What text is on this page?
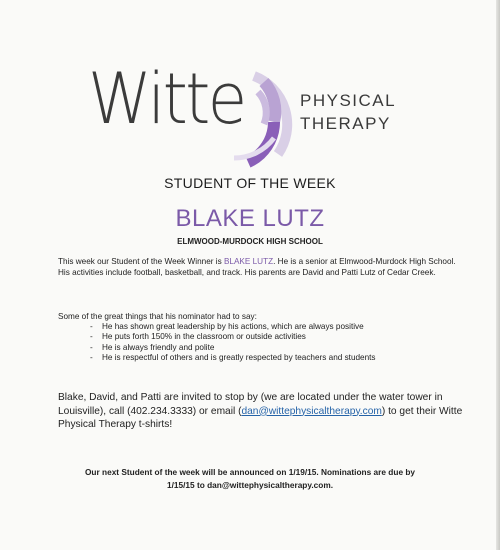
Witte	PHYSICAL
THERAPY
STUDENT OF THE WEEK
BLAKE LUTZ
ELMWOOD-MURDOCK HIGH SCHOOL
This week our Student of the Week Winner is BLAKE LUTZ. He is a senior at Elmwood-Murdock High School. His activities include football, basketball, and track. His parents are David and Patti Lutz of Cedar Creek.
Some of the great things that his nominator had to say:
- He has shown great leadership by his actions, which are always positive
- He puts forth 150% in the classroom or outside activities
- He is always friendly and polite
- He is respectful of others and is greatly respected by teachers and students
Blake, David, and Patti are invited to stop by (we are located under the water tower in Louisville), call (402.234.3333) or email (dan@wittephysicaltherapy.com) to get their Witte Physical Therapy t-shirts!
Our next Student of the week will be announced on 1/19/15. Nominations are due by
1/15/15 to dan@wittephysicaltherapy.com.
